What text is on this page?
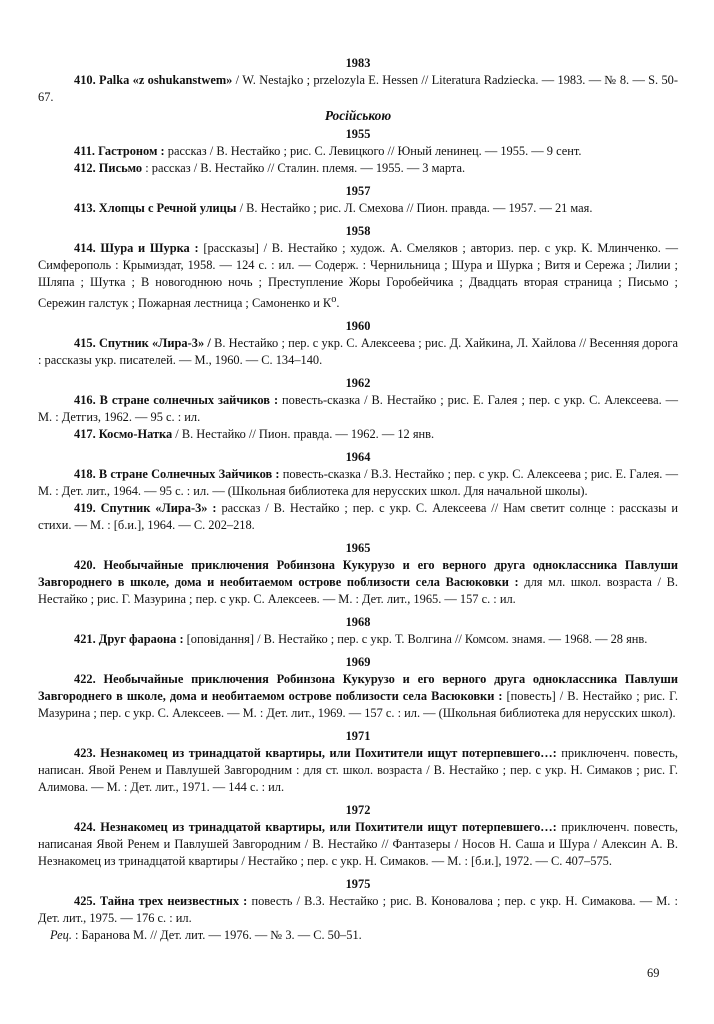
1983

410. Palka «z oshukanstwem» / W. Nestajko ; przelozyla E. Hessen // Literatura Radziecka. — 1983. — № 8. — S. 50-67.

Російською

1955

411. Гастроном : рассказ / В. Нестайко ; рис. С. Левицкого // Юный ленинец. — 1955. — 9 сент.

412. Письмо : рассказ / В. Нестайко // Сталин. племя. — 1955. — 3 марта.

1957

413. Хлопцы с Речной улицы / В. Нестайко ; рис. Л. Смехова // Пион. правда. — 1957. — 21 мая.

1958

414. Шура и Шурка : [рассказы] / В. Нестайко ; худож. А. Смеляков ; авториз. пер. с укр. К. Млинченко. — Симферополь : Крымиздат, 1958. — 124 с. : ил. — Содерж. : Чернильница ; Шура и Шурка ; Витя и Сережа ; Лилии ; Шляпа ; Шутка ; В новогоднюю ночь ; Преступление Жоры Горобейчика ; Двадцать вторая страница ; Письмо ; Сережин галстук ; Пожарная лестница ; Самоненко и $К^о$.

1960

415. Спутник «Лира-3» / В. Нестайко ; пер. с укр. С. Алексеева ; рис. Д. Хайкина, Л. Хайлова // Весенняя дорога : рассказы укр. писателей. — М., 1960. — С. 134–140.

1962

416. В стране солнечных зайчиков : повесть-сказка / В. Нестайко ; рис. Е. Галея ; пер. с укр. С. Алексеева. — М. : Детгиз, 1962. — 95 с. : ил.

417. Космо-Натка / В. Нестайко // Пион. правда. — 1962. — 12 янв.

1964

418. В стране Солнечных Зайчиков : повесть-сказка / В.З. Нестайко ; пер. с укр. С. Алексеева ; рис. Е. Галея. — М. : Дет. лит., 1964. — 95 с. : ил. — (Школьная библиотека для нерусских школ. Для начальной школы).

419. Спутник «Лира-3» : рассказ / В. Нестайко ; пер. с укр. С. Алексеева // Нам светит солнце : рассказы и стихи. — М. : [б.и.], 1964. — С. 202–218.

1965

420. Необычайные приключения Робинзона Кукурузо и его верного друга одноклассника Павлуши Завгороднего в школе, дома и необитаемом острове поблизости села Васюковки : для мл. школ. возраста / В. Нестайко ; рис. Г. Мазурина ; пер. с укр. С. Алексеев. — М. : Дет. лит., 1965. — 157 с. : ил.

1968

421. Друг фараона : [оповідання] / В. Нестайко ; пер. с укр. Т. Волгина // Комсом. знамя. — 1968. — 28 янв.

1969

422. Необычайные приключения Робинзона Кукурузо и его верного друга одноклассника Павлуши Завгороднего в школе, дома и необитаемом острове поблизости села Васюковки : [повесть] / В. Нестайко ; рис. Г. Мазурина ; пер. с укр. С. Алексеев. — М. : Дет. лит., 1969. — 157 с. : ил. — (Школьная библиотека для нерусских школ).

1971

423. Незнакомец из тринадцатой квартиры, или Похитители ищут потерпевшего…: приключенч. повесть, написан. Явой Ренем и Павлушей Завгородним : для ст. школ. возраста / В. Нестайко ; пер. с укр. Н. Симаков ; рис. Г. Алимова. — М. : Дет. лит., 1971. — 144 с. : ил.

1972

424. Незнакомец из тринадцатой квартиры, или Похитители ищут потерпевшего…: приключенч. повесть, написаная Явой Ренем и Павлушей Завгородним / В. Нестайко // Фантазеры / Носов Н. Саша и Шура / Алексин А. В. Незнакомец из тринадцатой квартиры / Нестайко ; пер. с укр. Н. Симаков. — М. : [б.и.], 1972. — С. 407–575.

1975

425. Тайна трех неизвестных : повесть / В.З. Нестайко ; рис. В. Коновалова ; пер. с укр. Н. Симакова. — М. : Дет. лит., 1975. — 176 с. : ил.

Рец. : Баранова М. // Дет. лит. — 1976. — № 3. — С. 50–51.

69
